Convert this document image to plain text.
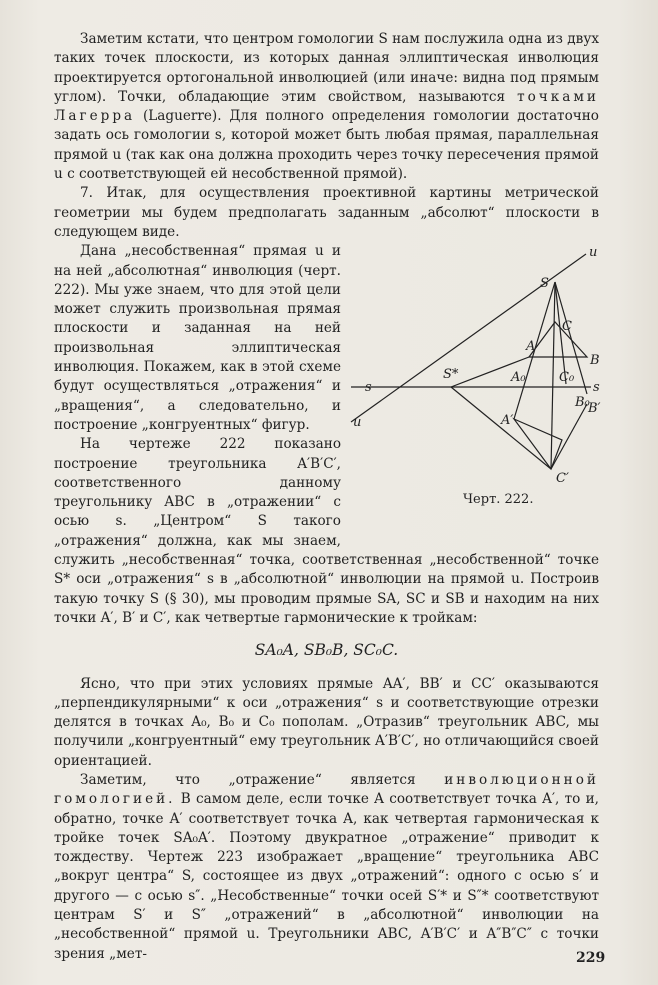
Заметим кстати, что центром гомологии S нам послужила одна из двух таких точек плоскости, из которых данная эллиптическая инволюция проектируется ортогональной инволюцией (или иначе: видна под прямым углом). Точки, обладающие этим свойством, называются точками Лагерра (Laguerre). Для полного определения гомологии достаточно задать ось гомологии s, которой может быть любая прямая, параллельная прямой u (так как она должна проходить через точку пересечения прямой u с соответствующей ей несобственной прямой).

7. Итак, для осуществления проективной картины метрической геометрии мы будем предполагать заданным „абсолют“ плоскости в следующем виде.

S
u
u
s	s
S*
C
A
B
A₀	C₀
B₀
B′
A′
C′
Черт. 222.

Дана „несобственная“ прямая u и на ней „абсолютная“ инволюция (черт. 222). Мы уже знаем, что для этой цели может служить произвольная прямая плоскости и заданная на ней произвольная эллиптическая инволюция. Покажем, как в этой схеме будут осуществляться „отражения“ и „вращения“, а следовательно, и построение „конгруентных“ фигур.

На чертеже 222 показано построение треугольника A′B′C′, соответственного данному треугольнику ABC в „отражении“ с осью s. „Центром“ S такого „отражения“ должна, как мы знаем, служить „несобственная“ точка, соответственная „несобственной“ точке S* оси „отражения“ s в „абсолютной“ инволюции на прямой u. Построив такую точку S (§ 30), мы проводим прямые SA, SC и SB и находим на них точки A′, B′ и C′, как четвертые гармонические к тройкам:

SA₀A, SB₀B, SC₀C.

Ясно, что при этих условиях прямые AA′, BB′ и CC′ оказываются „перпендикулярными“ к оси „отражения“ s и соответствующие отрезки делятся в точках A₀, B₀ и C₀ пополам. „Отразив“ треугольник ABC, мы получили „конгруентный“ ему треугольник A′B′C′, но отличающийся своей ориентацией.

Заметим, что „отражение“ является инволюционной гомологией. В самом деле, если точке A соответствует точка A′, то и, обратно, точке A′ соответствует точка A, как четвертая гармоническая к тройке точек SA₀A′. Поэтому двукратное „отражение“ приводит к тождеству. Чертеж 223 изображает „вращение“ треугольника ABC „вокруг центра“ S, состоящее из двух „отражений“: одного с осью s′ и другого — с осью s″. „Несобственные“ точки осей S′* и S″* соответствуют центрам S′ и S″ „отражений“ в „абсолютной“ инволюции на „несобственной“ прямой u. Треугольники ABC, A′B′C′ и A″B″C″ с точки зрения „мет-	229
